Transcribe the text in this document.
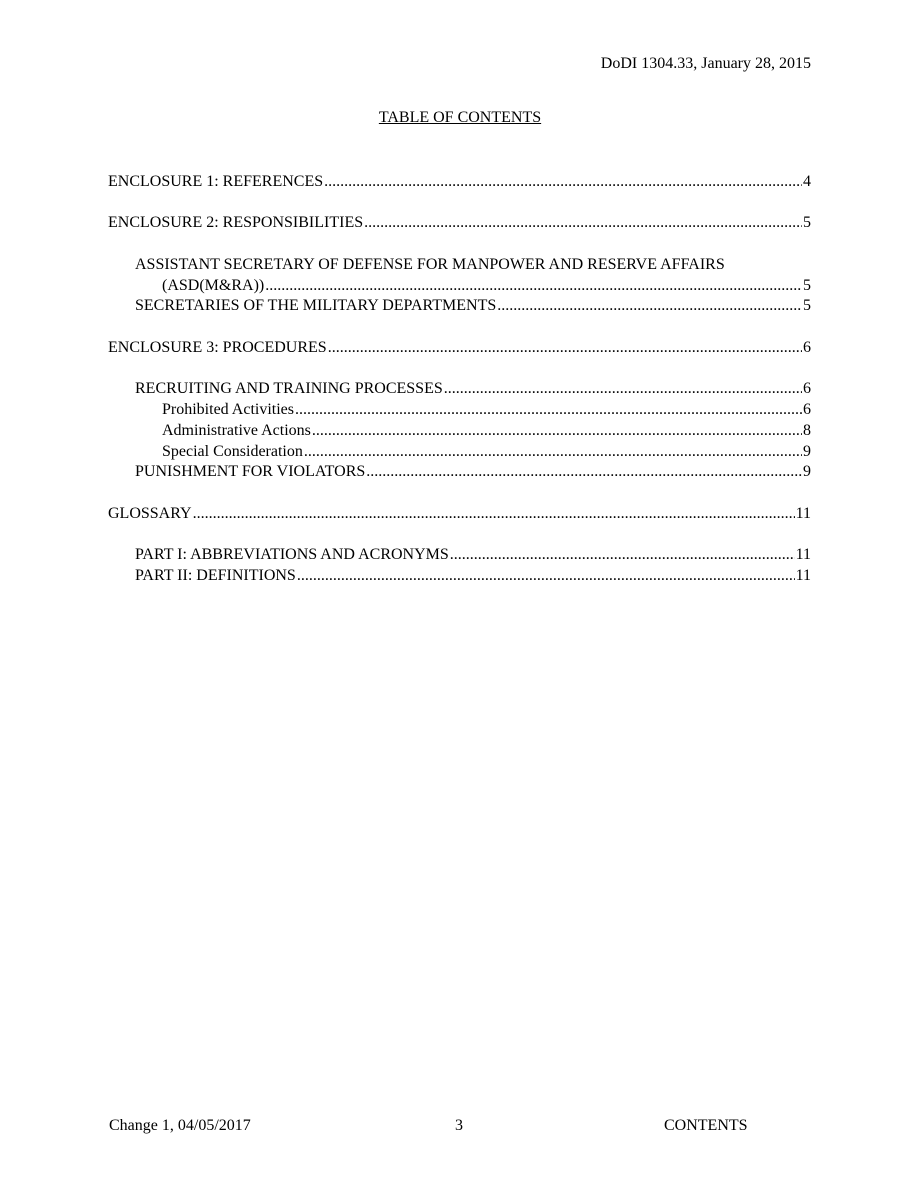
DoDI 1304.33, January 28, 2015
TABLE OF CONTENTS
ENCLOSURE 1: REFERENCES .....	4
ENCLOSURE 2: RESPONSIBILITIES .....	5
ASSISTANT SECRETARY OF DEFENSE FOR MANPOWER AND RESERVE AFFAIRS
(ASD(M&RA)) .....	5
SECRETARIES OF THE MILITARY DEPARTMENTS .....	5
ENCLOSURE 3: PROCEDURES .....	6
RECRUITING AND TRAINING PROCESSES .....	6
Prohibited Activities .....	6
Administrative Actions .....	8
Special Consideration .....	9
PUNISHMENT FOR VIOLATORS .....	9
GLOSSARY .....	11
PART I: ABBREVIATIONS AND ACRONYMS .....	11
PART II: DEFINITIONS .....	11
Change 1, 04/05/2017	3	CONTENTS
